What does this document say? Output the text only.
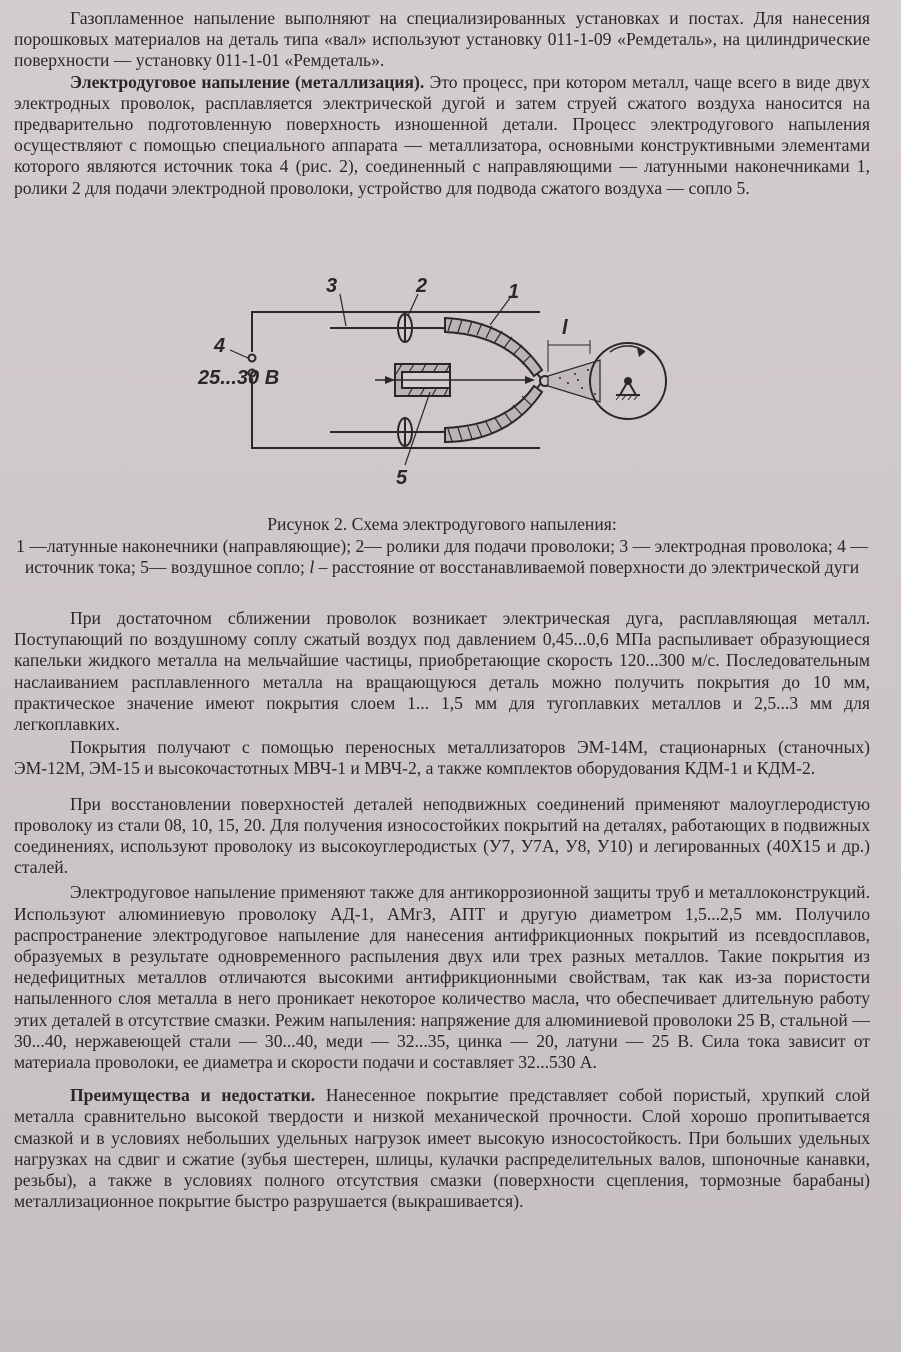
Газопламенное напыление выполняют на специализированных установках и постах. Для нанесения порошковых материалов на деталь типа «вал» используют установку 011-1-09 «Ремдеталь», на цилиндрические поверхности — установку 011-1-01 «Ремдеталь».

Электродуговое напыление (металлизация). Это процесс, при котором металл, чаще всего в виде двух электродных проволок, расплавляется электрической дугой и затем струей сжатого воздуха наносится на предварительно подготовленную поверхность изношенной детали. Процесс электродугового напыления осуществляют с помощью специального аппарата — металлизатора, основными конструктивными элементами которого являются источник тока 4 (рис. 2), соединенный с направляющими — латунными наконечниками 1, ролики 2 для подачи электродной проволоки, устройство для подвода сжатого воздуха — сопло 5.

3	2	1
l
4
25...30 В
5
Рисунок 2. Схема электродугового напыления:
1 —латунные наконечники (направляющие); 2— ролики для подачи проволоки; 3 — электродная проволока; 4 — источник тока; 5— воздушное сопло; l – расстояние от восстанавливаемой поверхности до электрической дуги

При достаточном сближении проволок возникает электрическая дуга, расплавляющая металл. Поступающий по воздушному соплу сжатый воздух под давлением 0,45...0,6 МПа распыливает образующиеся капельки жидкого металла на мельчайшие частицы, приобретающие скорость 120...300 м/с. Последовательным наслаиванием расплавленного металла на вращающуюся деталь можно получить покрытия до 10 мм, практическое значение имеют покрытия слоем 1... 1,5 мм для тугоплавких металлов и 2,5...3 мм для легкоплавких.

Покрытия получают с помощью переносных металлизаторов ЭМ-14М, стационарных (станочных) ЭМ-12М, ЭМ-15 и высокочастотных МВЧ-1 и МВЧ-2, а также комплектов оборудования КДМ-1 и КДМ-2.

При восстановлении поверхностей деталей неподвижных соединений применяют малоуглеродистую проволоку из стали 08, 10, 15, 20. Для получения износостойких покрытий на деталях, работающих в подвижных соединениях, используют проволоку из высокоуглеродистых (У7, У7А, У8, У10) и легированных (40Х15 и др.) сталей.

Электродуговое напыление применяют также для антикоррозионной защиты труб и металлоконструкций. Используют алюминиевую проволоку АД-1, АМгЗ, АПТ и другую диаметром 1,5...2,5 мм. Получило распространение электродуговое напыление для нанесения антифрикционных покрытий из псевдосплавов, образуемых в результате одновременного распыления двух или трех разных металлов. Такие покрытия из недефицитных металлов отличаются высокими антифрикционными свойствам, так как из-за пористости напыленного слоя металла в него проникает некоторое количество масла, что обеспечивает длительную работу этих деталей в отсутствие смазки. Режим напыления: напряжение для алюминиевой проволоки 25 В, стальной — 30...40, нержавеющей стали — 30...40, меди — 32...35, цинка — 20, латуни — 25 В. Сила тока зависит от материала проволоки, ее диаметра и скорости подачи и составляет 32...530 А.

Преимущества и недостатки. Нанесенное покрытие представляет собой пористый, хрупкий слой металла сравнительно высокой твердости и низкой механической прочности. Слой хорошо пропитывается смазкой и в условиях небольших удельных нагрузок имеет высокую износостойкость. При больших удельных нагрузках на сдвиг и сжатие (зубья шестерен, шлицы, кулачки распределительных валов, шпоночные канавки, резьбы), а также в условиях полного отсутствия смазки (поверхности сцепления, тормозные барабаны) металлизационное покрытие быстро разрушается (выкрашивается).
